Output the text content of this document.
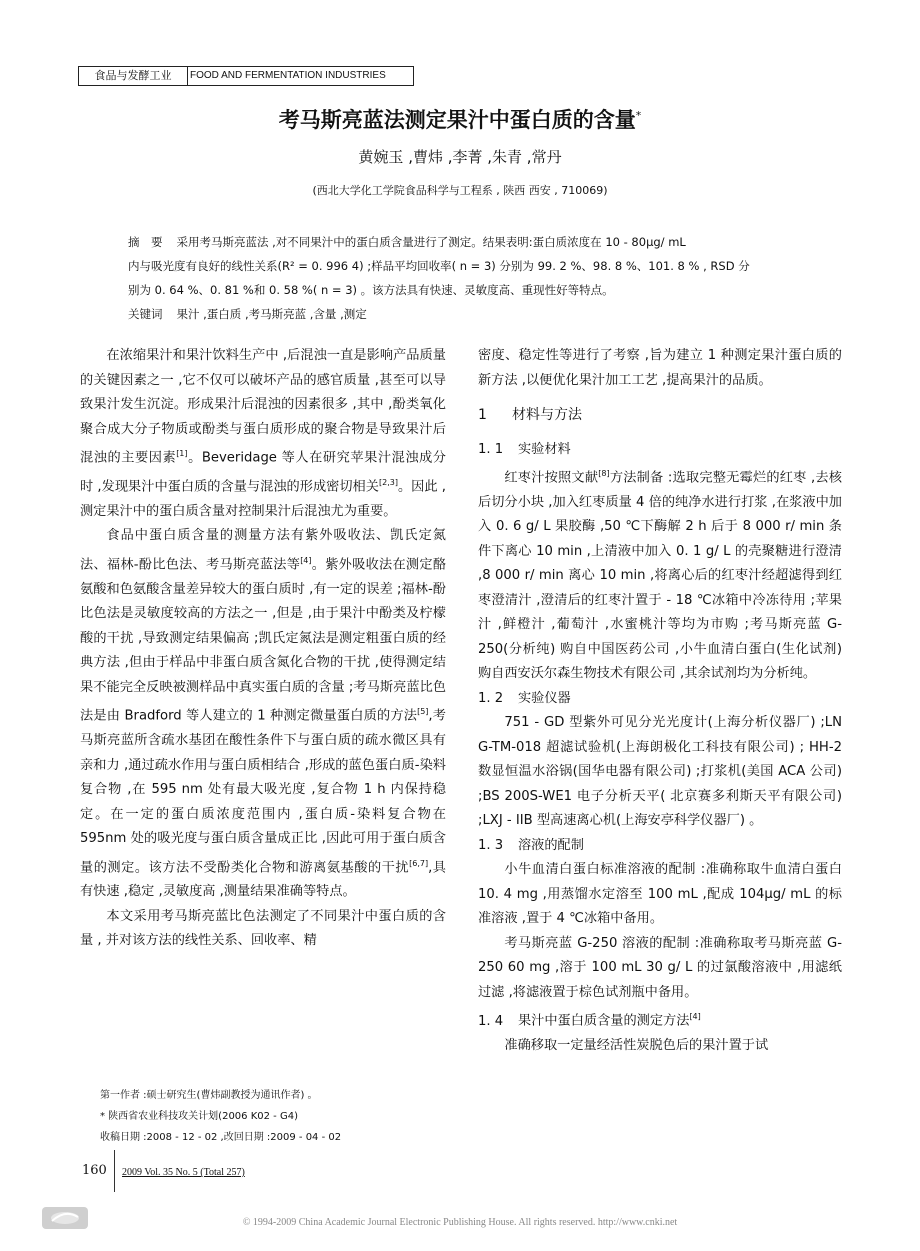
食品与发酵工业	FOOD AND FERMENTATION INDUSTRIES
考马斯亮蓝法测定果汁中蛋白质的含量*
黄婉玉 ,曹炜 ,李菁 ,朱青 ,常丹
(西北大学化工学院食品科学与工程系 , 陕西 西安 , 710069)

摘　要 采用考马斯亮蓝法 ,对不同果汁中的蛋白质含量进行了测定。结果表明:蛋白质浓度在 10 - 80μg/ mL

内与吸光度有良好的线性关系(R² = 0. 996 4) ;样品平均回收率( n = 3) 分别为 99. 2 %、98. 8 %、101. 8 % , RSD 分

别为 0. 64 %、0. 81 %和 0. 58 %( n = 3) 。该方法具有快速、灵敏度高、重现性好等特点。

关键词 果汁 ,蛋白质 ,考马斯亮蓝 ,含量 ,测定

在浓缩果汁和果汁饮料生产中 ,后混浊一直是影响产品质量的关键因素之一 ,它不仅可以破坏产品的感官质量 ,甚至可以导致果汁发生沉淀。形成果汁后混浊的因素很多 ,其中 ,酚类氧化聚合成大分子物质或酚类与蛋白质形成的聚合物是导致果汁后混浊的主要因素[1]。Beveridage 等人在研究苹果汁混浊成分时 ,发现果汁中蛋白质的含量与混浊的形成密切相关[2,3]。因此 ,测定果汁中的蛋白质含量对控制果汁后混浊尤为重要。

食品中蛋白质含量的测量方法有紫外吸收法、凯氏定氮法、福林-酚比色法、考马斯亮蓝法等[4]。紫外吸收法在测定酪氨酸和色氨酸含量差异较大的蛋白质时 ,有一定的误差 ;福林-酚比色法是灵敏度较高的方法之一 ,但是 ,由于果汁中酚类及柠檬酸的干扰 ,导致测定结果偏高 ;凯氏定氮法是测定粗蛋白质的经典方法 ,但由于样品中非蛋白质含氮化合物的干扰 ,使得测定结果不能完全反映被测样品中真实蛋白质的含量 ;考马斯亮蓝比色法是由 Bradford 等人建立的 1 种测定微量蛋白质的方法[5],考马斯亮蓝所含疏水基团在酸性条件下与蛋白质的疏水微区具有亲和力 ,通过疏水作用与蛋白质相结合 ,形成的蓝色蛋白质-染料复合物 ,在 595 nm 处有最大吸光度 ,复合物 1 h 内保持稳定。在一定的蛋白质浓度范围内 ,蛋白质-染料复合物在 595nm 处的吸光度与蛋白质含量成正比 ,因此可用于蛋白质含量的测定。该方法不受酚类化合物和游离氨基酸的干扰[6,7],具有快速 ,稳定 ,灵敏度高 ,测量结果准确等特点。

本文采用考马斯亮蓝比色法测定了不同果汁中蛋白质的含量 , 并对该方法的线性关系、回收率、精

密度、稳定性等进行了考察 ,旨为建立 1 种测定果汁蛋白质的新方法 ,以便优化果汁加工工艺 ,提高果汁的品质。

1 材料与方法

1. 1 实验材料

红枣汁按照文献[8]方法制备 :选取完整无霉烂的红枣 ,去核后切分小块 ,加入红枣质量 4 倍的纯净水进行打浆 ,在浆液中加入 0. 6 g/ L 果胶酶 ,50 ℃下酶解 2 h 后于 8 000 r/ min 条件下离心 10 min ,上清液中加入 0. 1 g/ L 的壳聚糖进行澄清 ,8 000 r/ min 离心 10 min ,将离心后的红枣汁经超滤得到红枣澄清汁 ,澄清后的红枣汁置于 - 18 ℃冰箱中冷冻待用 ;苹果汁 ,鲜橙汁 ,葡萄汁 ,水蜜桃汁等均为市购 ;考马斯亮蓝 G-250(分析纯) 购自中国医药公司 ,小牛血清白蛋白(生化试剂) 购自西安沃尔森生物技术有限公司 ,其余试剂均为分析纯。

1. 2 实验仪器

751 - GD 型紫外可见分光光度计(上海分析仪器厂) ;LN G-TM-018 超滤试验机(上海朗极化工科技有限公司) ; HH-2 数显恒温水浴锅(国华电器有限公司) ;打浆机(美国 ACA 公司) ;BS 200S-WE1 电子分析天平( 北京赛多利斯天平有限公司) ;LXJ - IIB 型高速离心机(上海安亭科学仪器厂) 。

1. 3 溶液的配制

小牛血清白蛋白标准溶液的配制 :准确称取牛血清白蛋白 10. 4 mg ,用蒸馏水定溶至 100 mL ,配成 104μg/ mL 的标准溶液 ,置于 4 ℃冰箱中备用。

考马斯亮蓝 G-250 溶液的配制 :准确称取考马斯亮蓝 G-250 60 mg ,溶于 100 mL 30 g/ L 的过氯酸溶液中 ,用滤纸过滤 ,将滤液置于棕色试剂瓶中备用。

1. 4 果汁中蛋白质含量的测定方法[4]

准确移取一定量经活性炭脱色后的果汁置于试

第一作者 :硕士研究生(曹炜副教授为通讯作者) 。

* 陕西省农业科技攻关计划(2006 K02 - G4)

收稿日期 :2008 - 12 - 02 ,改回日期 :2009 - 04 - 02

160 2009 Vol. 35 No. 5 (Total 257)
© 1994-2009 China Academic Journal Electronic Publishing House. All rights reserved. http://www.cnki.net
